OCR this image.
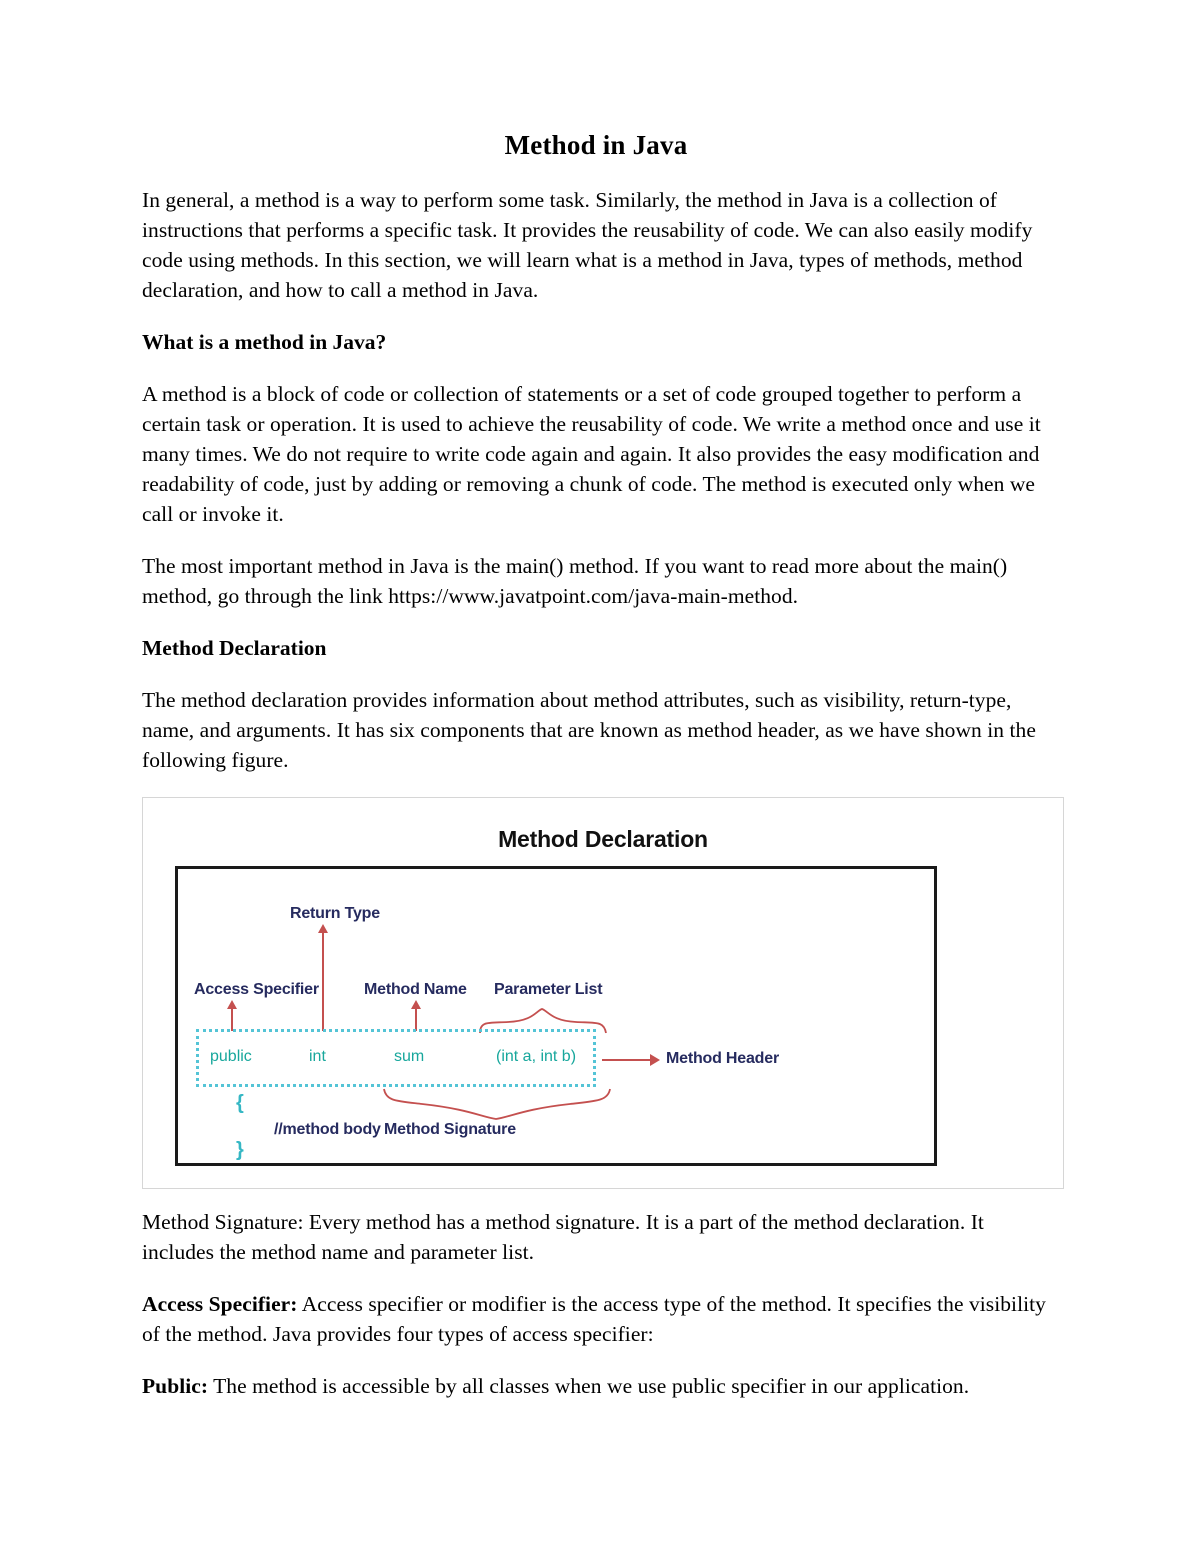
Method in Java

In general, a method is a way to perform some task. Similarly, the method in Java is a collection of instructions that performs a specific task. It provides the reusability of code. We can also easily modify code using methods. In this section, we will learn what is a method in Java, types of methods, method declaration, and how to call a method in Java.

What is a method in Java?

A method is a block of code or collection of statements or a set of code grouped together to perform a certain task or operation. It is used to achieve the reusability of code. We write a method once and use it many times. We do not require to write code again and again. It also provides the easy modification and readability of code, just by adding or removing a chunk of code. The method is executed only when we call or invoke it.

The most important method in Java is the main() method. If you want to read more about the main() method, go through the link https://www.javatpoint.com/java-main-method.

Method Declaration

The method declaration provides information about method attributes, such as visibility, return-type, name, and arguments. It has six components that are known as method header, as we have shown in the following figure.

Method Declaration
Return Type
Access Specifier	Method Name Parameter List
public	int	sum	(int a, int b)	Method Header
{
}
//method body Method Signature

Method Signature: Every method has a method signature. It is a part of the method declaration. It includes the method name and parameter list.

Access Specifier: Access specifier or modifier is the access type of the method. It specifies the visibility of the method. Java provides four types of access specifier:

Public: The method is accessible by all classes when we use public specifier in our application.
